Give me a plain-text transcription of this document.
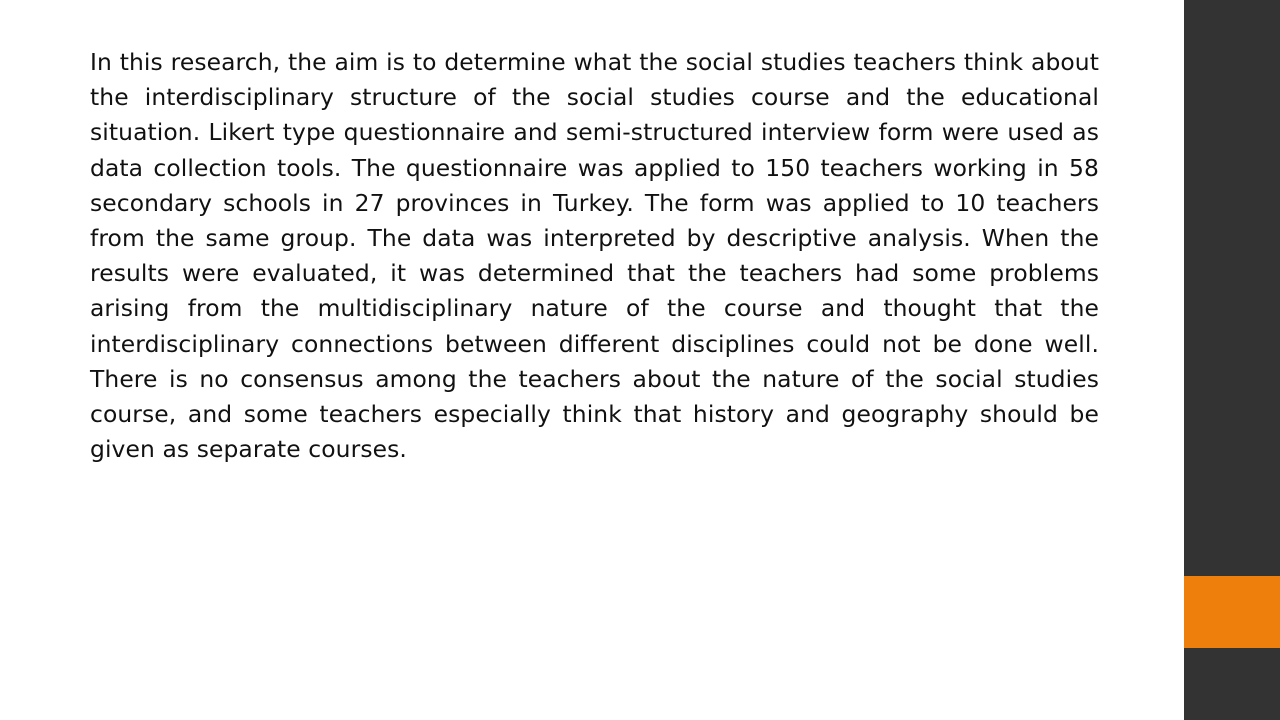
In this research, the aim is to determine what the social studies teachers think about the interdisciplinary structure of the social studies course and the educational situation. Likert type questionnaire and semi-structured interview form were used as data collection tools. The questionnaire was applied to 150 teachers working in 58 secondary schools in 27 provinces in Turkey. The form was applied to 10 teachers from the same group. The data was interpreted by descriptive analysis. When the results were evaluated, it was determined that the teachers had some problems arising from the multidisciplinary nature of the course and thought that the interdisciplinary connections between different disciplines could not be done well. There is no consensus among the teachers about the nature of the social studies course, and some teachers especially think that history and geography should be given as separate courses.
